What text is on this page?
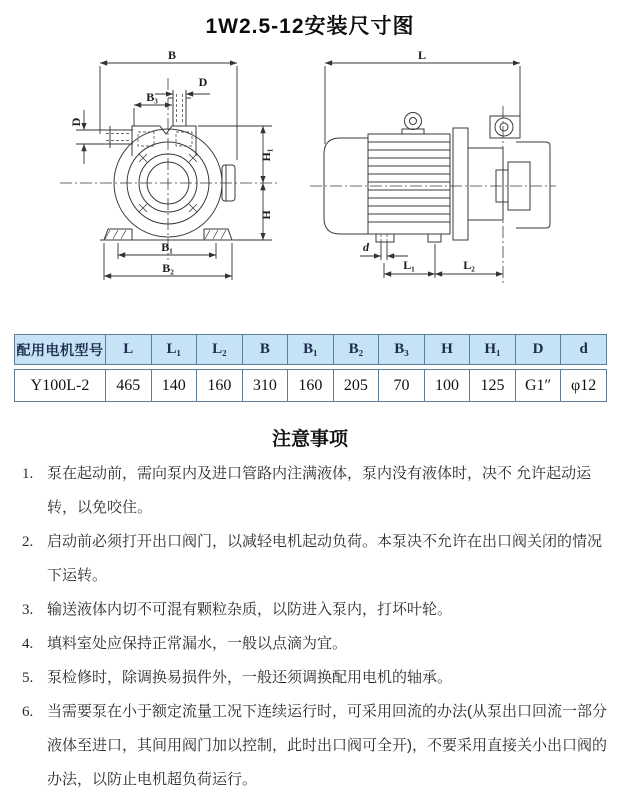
1W2.5-12安装尺寸图
B
D
B₃
D
H₁
H
B₁
B₂
L
d
L₁	L₂
配用电机型号	L	L₁	L₂	B	B₁	B₂	B₃	H	H₁	D	d
Y100L-2	465	140	160	310	160	205	70	100	125	G1″	φ12
注意事项
1. 泵在起动前，需向泵内及进口管路内注满液体，泵内没有液体时，决不 允许起动运转，以免咬住。
2. 启动前必须打开出口阀门，以减轻电机起动负荷。本泵决不允许在出口阀关闭的情况下运转。
3. 输送液体内切不可混有颗粒杂质，以防进入泵内，打坏叶轮。
4. 填料室处应保持正常漏水，一般以点滴为宜。
5. 泵检修时，除调换易损件外，一般还须调换配用电机的轴承。
6. 当需要泵在小于额定流量工况下连续运行时，可采用回流的办法(从泵出口回流一部分液体至进口，其间用阀门加以控制，此时出口阀可全开)，不要采用直接关小出口阀的办法，以防止电机超负荷运行。
